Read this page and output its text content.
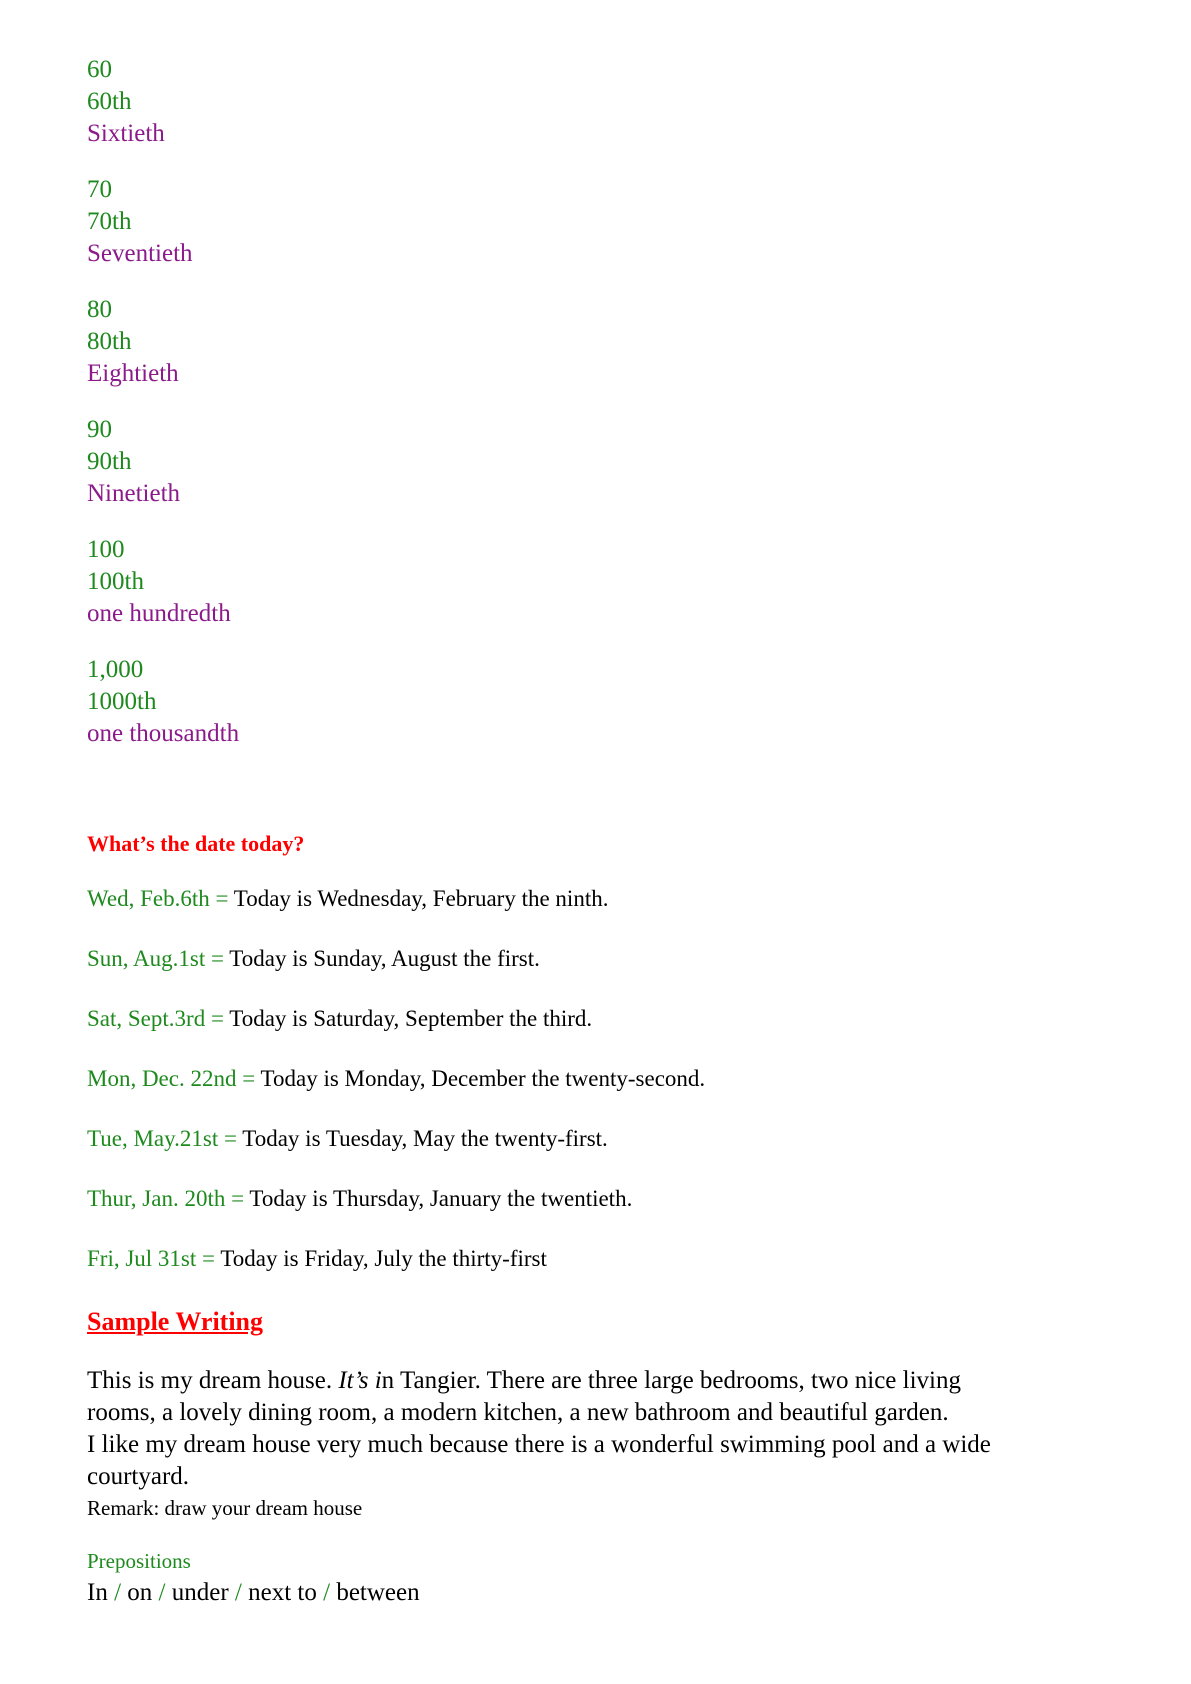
60
60th
Sixtieth
70
70th
Seventieth
80
80th
Eightieth
90
90th
Ninetieth
100
100th
one hundredth
1,000
1000th
one thousandth
What’s the date today?
Wed, Feb.6th = Today is Wednesday, February the ninth.
Sun, Aug.1st = Today is Sunday, August the first.
Sat, Sept.3rd = Today is Saturday, September the third.
Mon, Dec. 22nd = Today is Monday, December the twenty-second.
Tue, May.21st = Today is Tuesday, May the twenty-first.
Thur, Jan. 20th = Today is Thursday, January the twentieth.
Fri, Jul 31st = Today is Friday, July the thirty-first
Sample Writing
This is my dream house. It’s in Tangier. There are three large bedrooms, two nice living
rooms, a lovely dining room, a modern kitchen, a new bathroom and beautiful garden.
I like my dream house very much because there is a wonderful swimming pool and a wide
courtyard.
Remark: draw your dream house
Prepositions
In / on / under / next to / between
